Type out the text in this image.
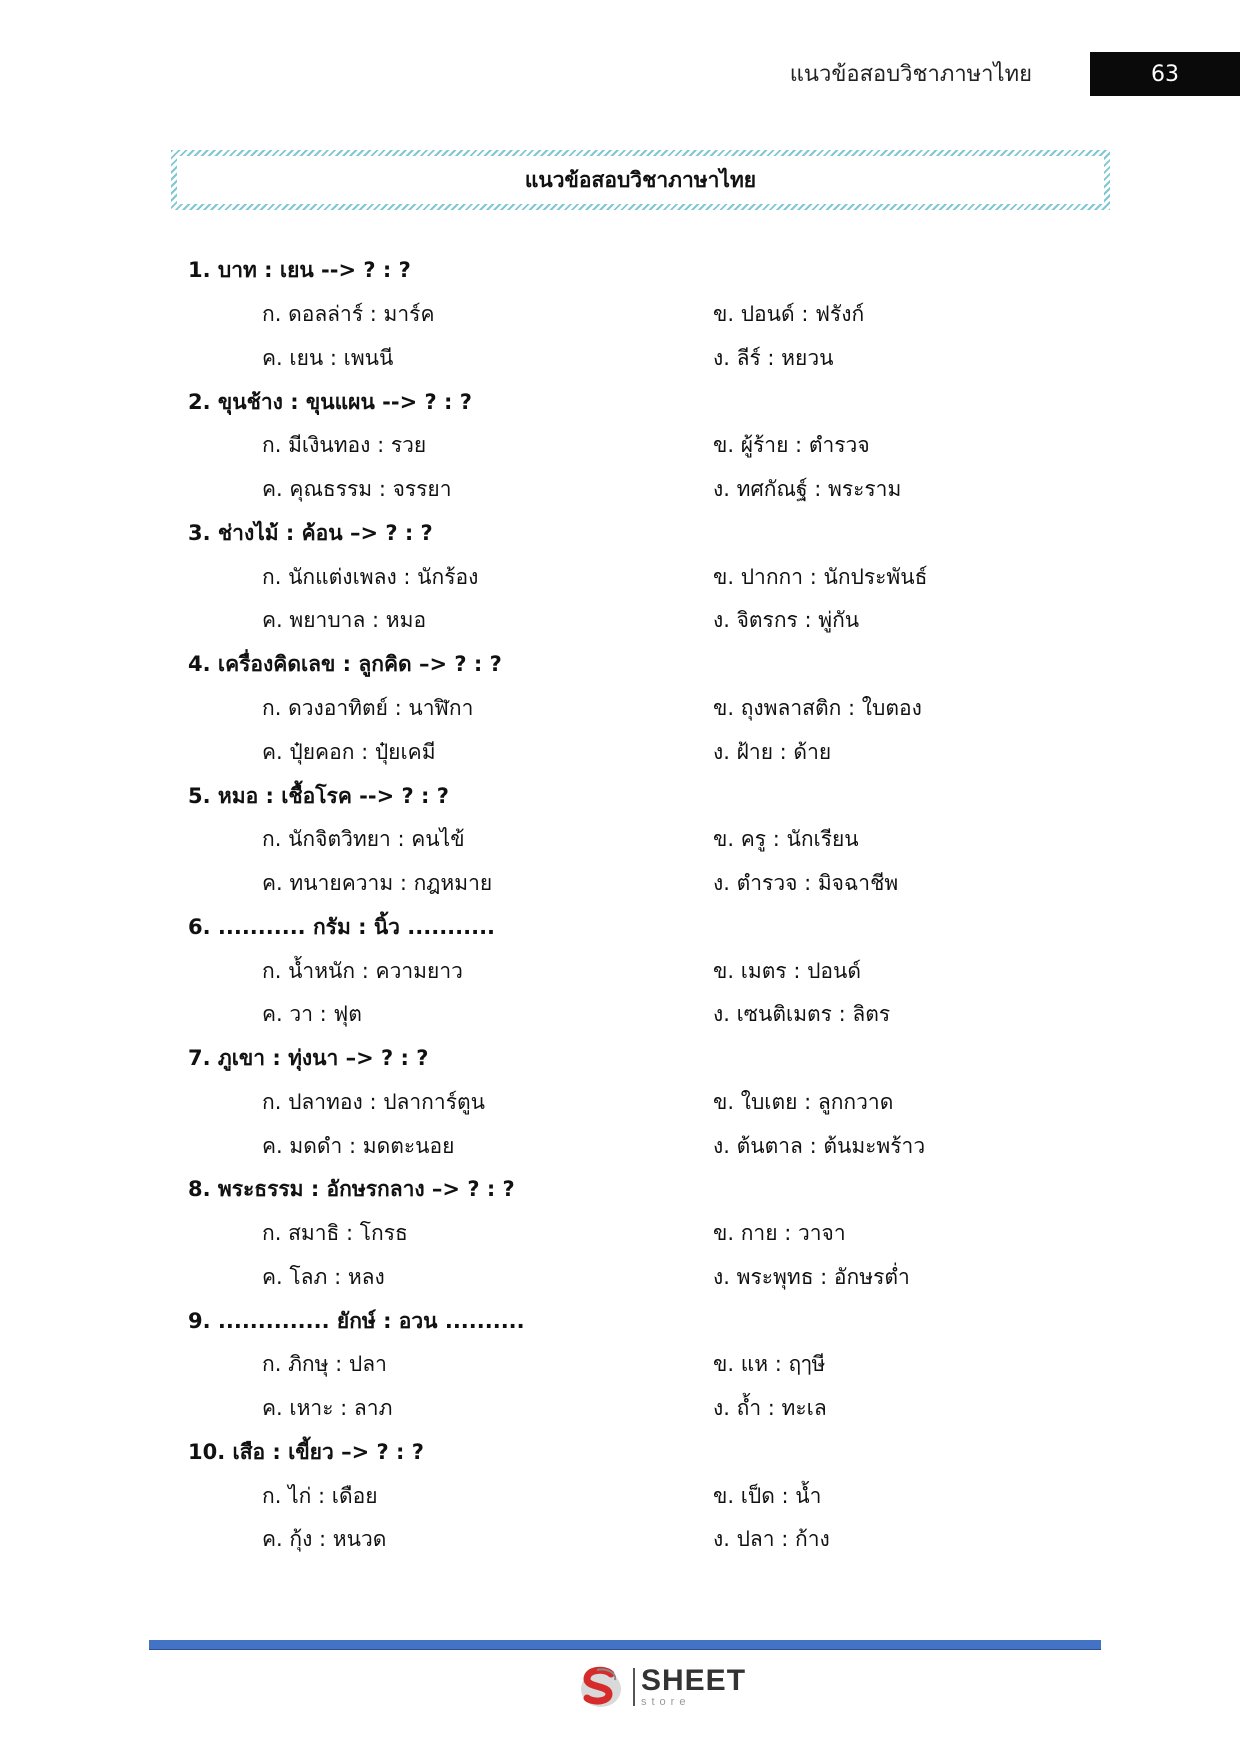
แนวข้อสอบวิชาภาษาไทย	63
แนวข้อสอบวิชาภาษาไทย
1. บาท : เยน --> ? : ?
ก. ดอลล่าร์ : มาร์ค	ข. ปอนด์ : ฟรังก์
ค. เยน : เพนนี	ง. ลีร์ : หยวน
2. ขุนช้าง : ขุนแผน --> ? : ?
ก. มีเงินทอง : รวย	ข. ผู้ร้าย : ตำรวจ
ค. คุณธรรม : จรรยา	ง. ทศกัณฐ์ : พระราม
3. ช่างไม้ : ค้อน –> ? : ?
ก. นักแต่งเพลง : นักร้อง	ข. ปากกา : นักประพันธ์
ค. พยาบาล : หมอ	ง. จิตรกร : พู่กัน
4. เครื่องคิดเลข : ลูกคิด –> ? : ?
ก. ดวงอาทิตย์ : นาฬิกา	ข. ถุงพลาสติก : ใบตอง
ค. ปุ๋ยคอก : ปุ๋ยเคมี	ง. ฝ้าย : ด้าย
5. หมอ : เชื้อโรค --> ? : ?
ก. นักจิตวิทยา : คนไข้	ข. ครู : นักเรียน
ค. ทนายความ : กฎหมาย	ง. ตำรวจ : มิจฉาชีพ
6. ........... กรัม : นิ้ว ...........
ก. น้ำหนัก : ความยาว	ข. เมตร : ปอนด์
ค. วา : ฟุต	ง. เซนติเมตร : ลิตร
7. ภูเขา : ทุ่งนา –> ? : ?
ก. ปลาทอง : ปลาการ์ตูน	ข. ใบเตย : ลูกกวาด
ค. มดดำ : มดตะนอย	ง. ต้นตาล : ต้นมะพร้าว
8. พระธรรม : อักษรกลาง –> ? : ?
ก. สมาธิ : โกรธ	ข. กาย : วาจา
ค. โลภ : หลง	ง. พระพุทธ : อักษรต่ำ
9. .............. ยักษ์ : อวน ..........
ก. ภิกษุ : ปลา	ข. แห : ฤๅษี
ค. เหาะ : ลาภ	ง. ถ้ำ : ทะเล
10. เสือ : เขี้ยว –> ? : ?
ก. ไก่ : เดือย	ข. เป็ด : น้ำ
ค. กุ้ง : หนวด	ง. ปลา : ก้าง
SHEET
store
